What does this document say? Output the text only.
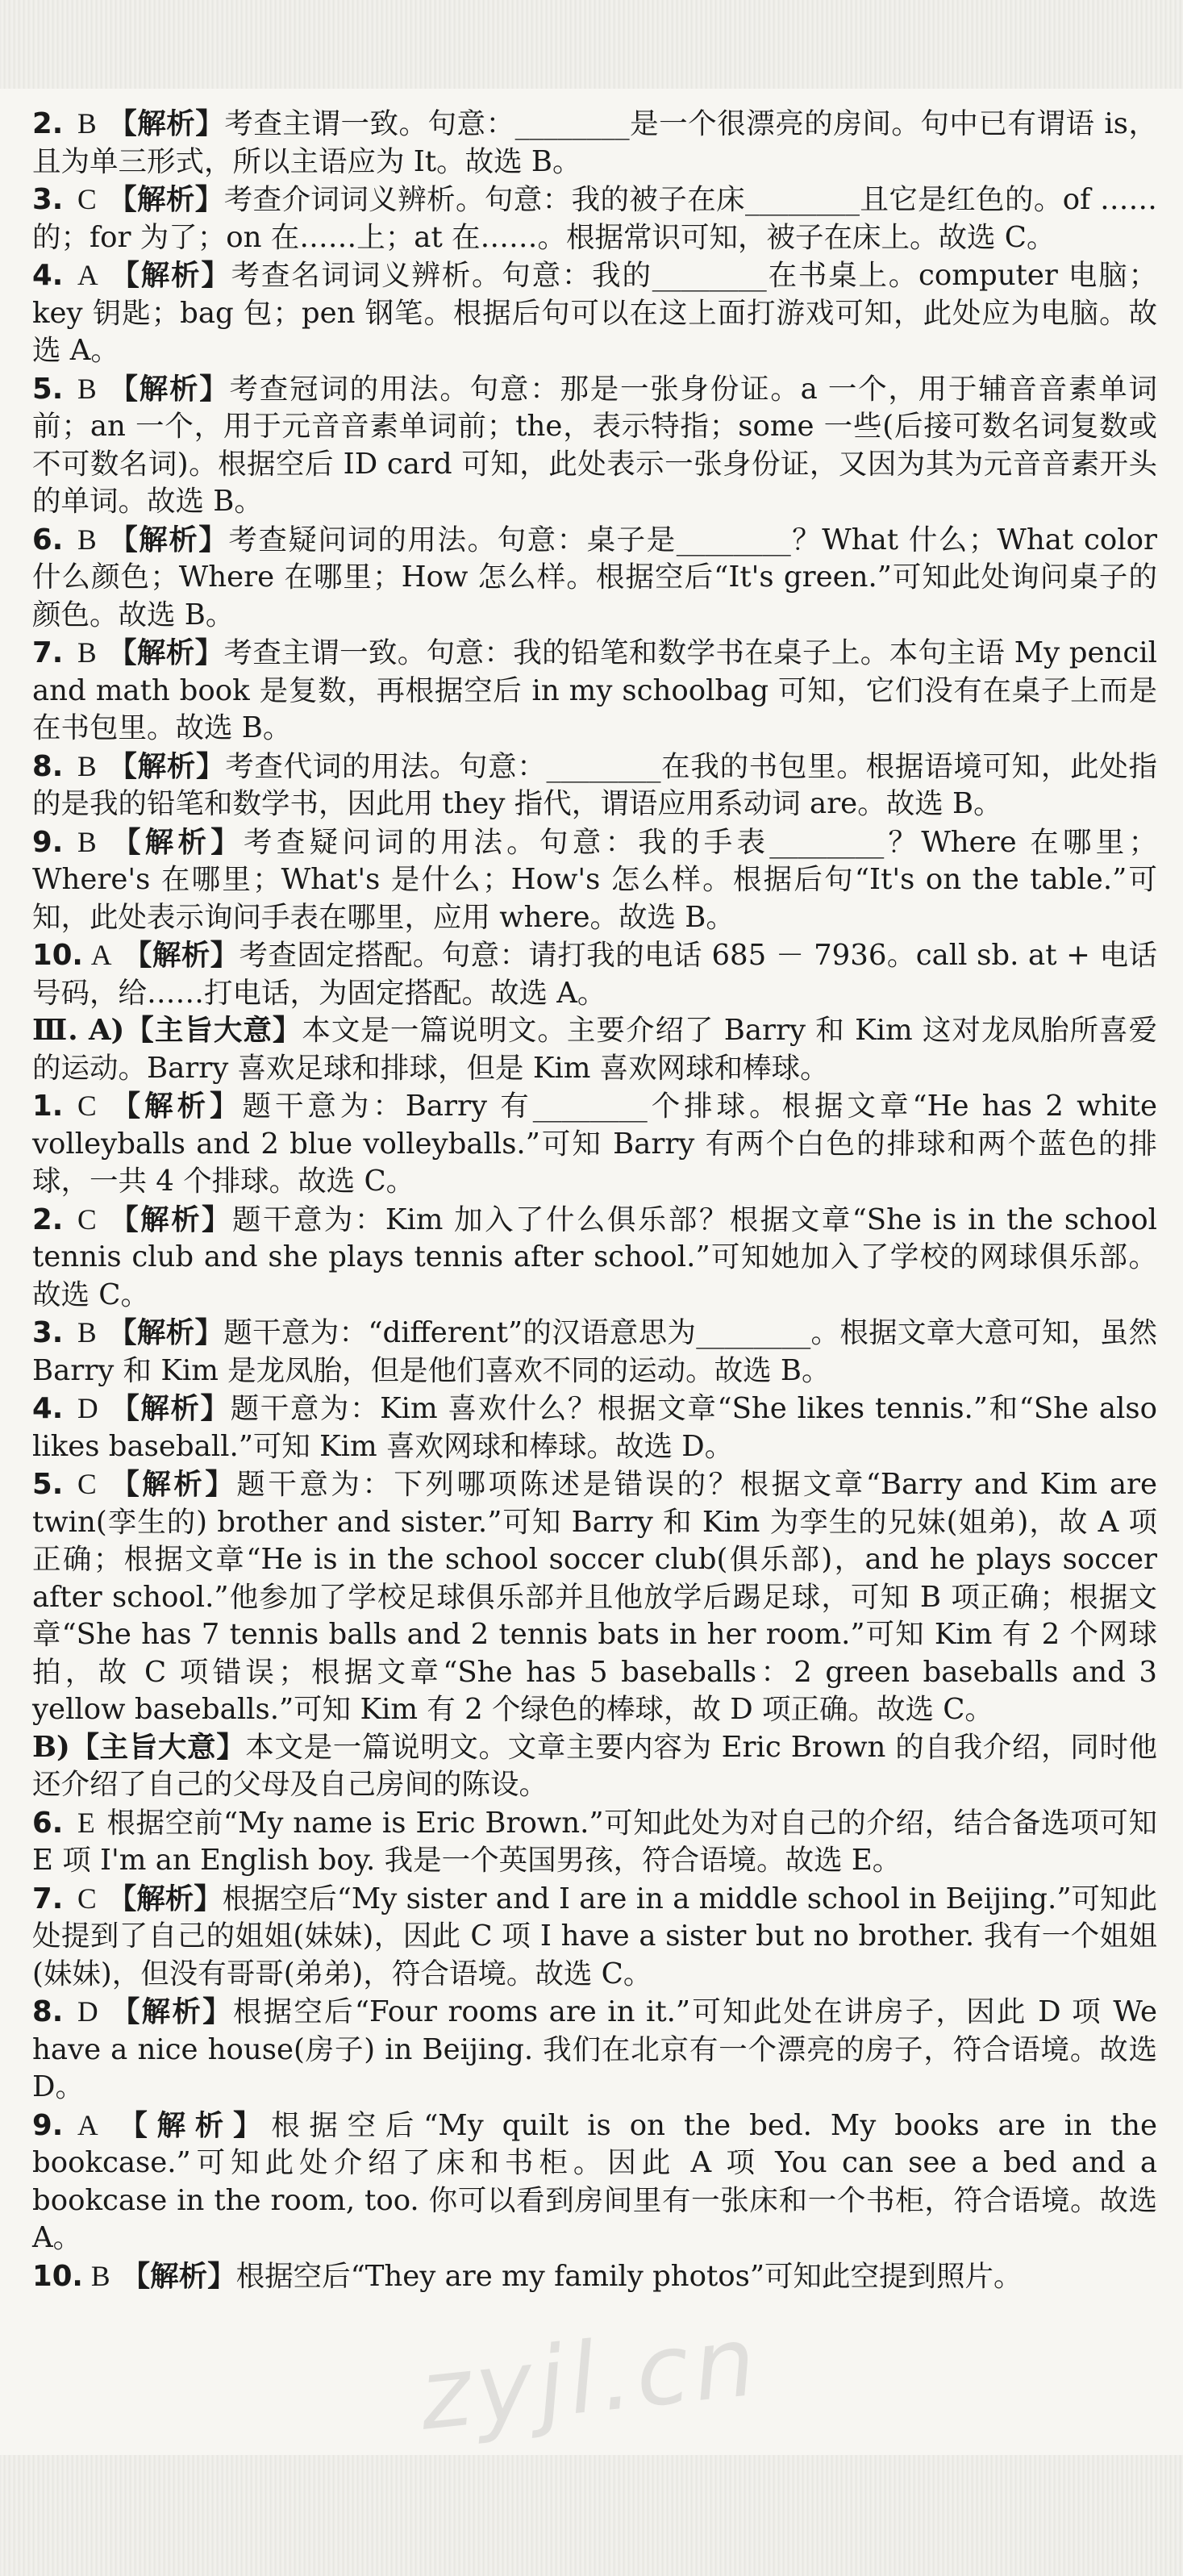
2. B 【解析】考查主谓一致。句意：________是一个很漂亮的房间。句中已有谓语 is，且为单三形式，所以主语应为 It。故选 B。

3. C 【解析】考查介词词义辨析。句意：我的被子在床________且它是红色的。of ……的；for 为了；on 在……上；at 在……。根据常识可知，被子在床上。故选 C。

4. A 【解析】考查名词词义辨析。句意：我的________在书桌上。computer 电脑；key 钥匙；bag 包；pen 钢笔。根据后句可以在这上面打游戏可知，此处应为电脑。故选 A。

5. B 【解析】考查冠词的用法。句意：那是一张身份证。a 一个，用于辅音音素单词前；an 一个，用于元音音素单词前；the，表示特指；some 一些(后接可数名词复数或不可数名词)。根据空后 ID card 可知，此处表示一张身份证，又因为其为元音音素开头的单词。故选 B。

6. B 【解析】考查疑问词的用法。句意：桌子是________？What 什么；What color 什么颜色；Where 在哪里；How 怎么样。根据空后“It's green.”可知此处询问桌子的颜色。故选 B。

7. B 【解析】考查主谓一致。句意：我的铅笔和数学书在桌子上。本句主语 My pencil and math book 是复数，再根据空后 in my schoolbag 可知，它们没有在桌子上而是在书包里。故选 B。

8. B 【解析】考查代词的用法。句意：________在我的书包里。根据语境可知，此处指的是我的铅笔和数学书，因此用 they 指代，谓语应用系动词 are。故选 B。

9. B 【解析】考查疑问词的用法。句意：我的手表________？Where 在哪里；Where's 在哪里；What's 是什么；How's 怎么样。根据后句“It's on the table.”可知，此处表示询问手表在哪里，应用 where。故选 B。

10. A 【解析】考查固定搭配。句意：请打我的电话 685 － 7936。call sb. at + 电话号码，给……打电话，为固定搭配。故选 A。

Ⅲ. A)【主旨大意】本文是一篇说明文。主要介绍了 Barry 和 Kim 这对龙凤胎所喜爱的运动。Barry 喜欢足球和排球，但是 Kim 喜欢网球和棒球。

1. C 【解析】题干意为：Barry 有________个排球。根据文章“He has 2 white volleyballs and 2 blue volleyballs.”可知 Barry 有两个白色的排球和两个蓝色的排球，一共 4 个排球。故选 C。

2. C 【解析】题干意为：Kim 加入了什么俱乐部？根据文章“She is in the school tennis club and she plays tennis after school.”可知她加入了学校的网球俱乐部。故选 C。

3. B 【解析】题干意为：“different”的汉语意思为________。根据文章大意可知，虽然 Barry 和 Kim 是龙凤胎，但是他们喜欢不同的运动。故选 B。

4. D 【解析】题干意为：Kim 喜欢什么？根据文章“She likes tennis.”和“She also likes baseball.”可知 Kim 喜欢网球和棒球。故选 D。

5. C 【解析】题干意为：下列哪项陈述是错误的？根据文章“Barry and Kim are twin(孪生的) brother and sister.”可知 Barry 和 Kim 为孪生的兄妹(姐弟)，故 A 项正确；根据文章“He is in the school soccer club(俱乐部)，and he plays soccer after school.”他参加了学校足球俱乐部并且他放学后踢足球，可知 B 项正确；根据文章“She has 7 tennis balls and 2 tennis bats in her room.”可知 Kim 有 2 个网球拍，故 C 项错误；根据文章“She has 5 baseballs：2 green baseballs and 3 yellow baseballs.”可知 Kim 有 2 个绿色的棒球，故 D 项正确。故选 C。

B)【主旨大意】本文是一篇说明文。文章主要内容为 Eric Brown 的自我介绍，同时他还介绍了自己的父母及自己房间的陈设。

6. E 根据空前“My name is Eric Brown.”可知此处为对自己的介绍，结合备选项可知 E 项 I'm an English boy. 我是一个英国男孩，符合语境。故选 E。

7. C 【解析】根据空后“My sister and I are in a middle school in Beijing.”可知此处提到了自己的姐姐(妹妹)，因此 C 项 I have a sister but no brother. 我有一个姐姐(妹妹)，但没有哥哥(弟弟)，符合语境。故选 C。

8. D 【解析】根据空后“Four rooms are in it.”可知此处在讲房子，因此 D 项 We have a nice house(房子) in Beijing. 我们在北京有一个漂亮的房子，符合语境。故选 D。

9. A 【解析】根据空后“My quilt is on the bed. My books are in the bookcase.”可知此处介绍了床和书柜。因此 A 项 You can see a bed and a bookcase in the room, too. 你可以看到房间里有一张床和一个书柜，符合语境。故选 A。

10. B 【解析】根据空后“They are my family photos”可知此空提到照片。

zyjl.cn
